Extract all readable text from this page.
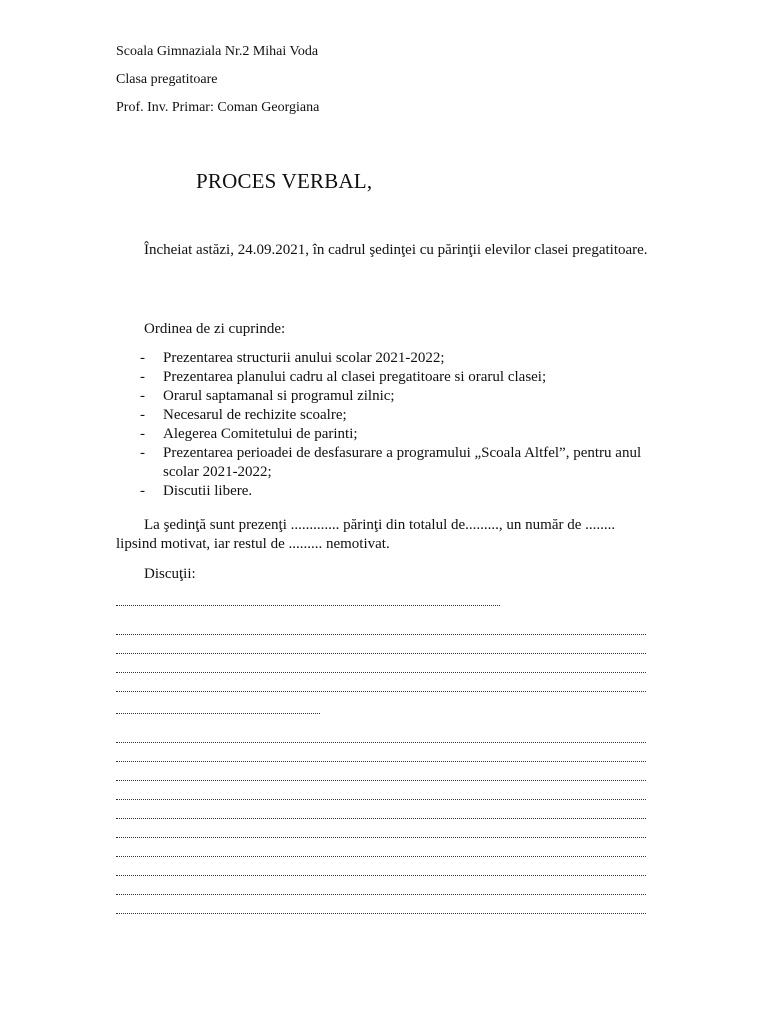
Scoala Gimnaziala Nr.2 Mihai Voda
Clasa pregatitoare
Prof. Inv. Primar: Coman Georgiana
PROCES VERBAL,
Încheiat astăzi, 24.09.2021, în cadrul şedinţei cu părinţii elevilor clasei pregatitoare.
Ordinea de zi cuprinde:
- Prezentarea structurii anului scolar 2021-2022;
- Prezentarea planului cadru al clasei pregatitoare si orarul clasei;
- Orarul saptamanal si programul zilnic;
- Necesarul de rechizite scoalre;
- Alegerea Comitetului de parinti;
- Prezentarea perioadei de desfasurare a programului „Scoala Altfel”, pentru anul scolar 2021-2022;
- Discutii libere.
La şedinţă sunt prezenţi ............. părinţi din totalul de........., un număr de ........ lipsind motivat, iar restul de ......... nemotivat.
Discuţii:
